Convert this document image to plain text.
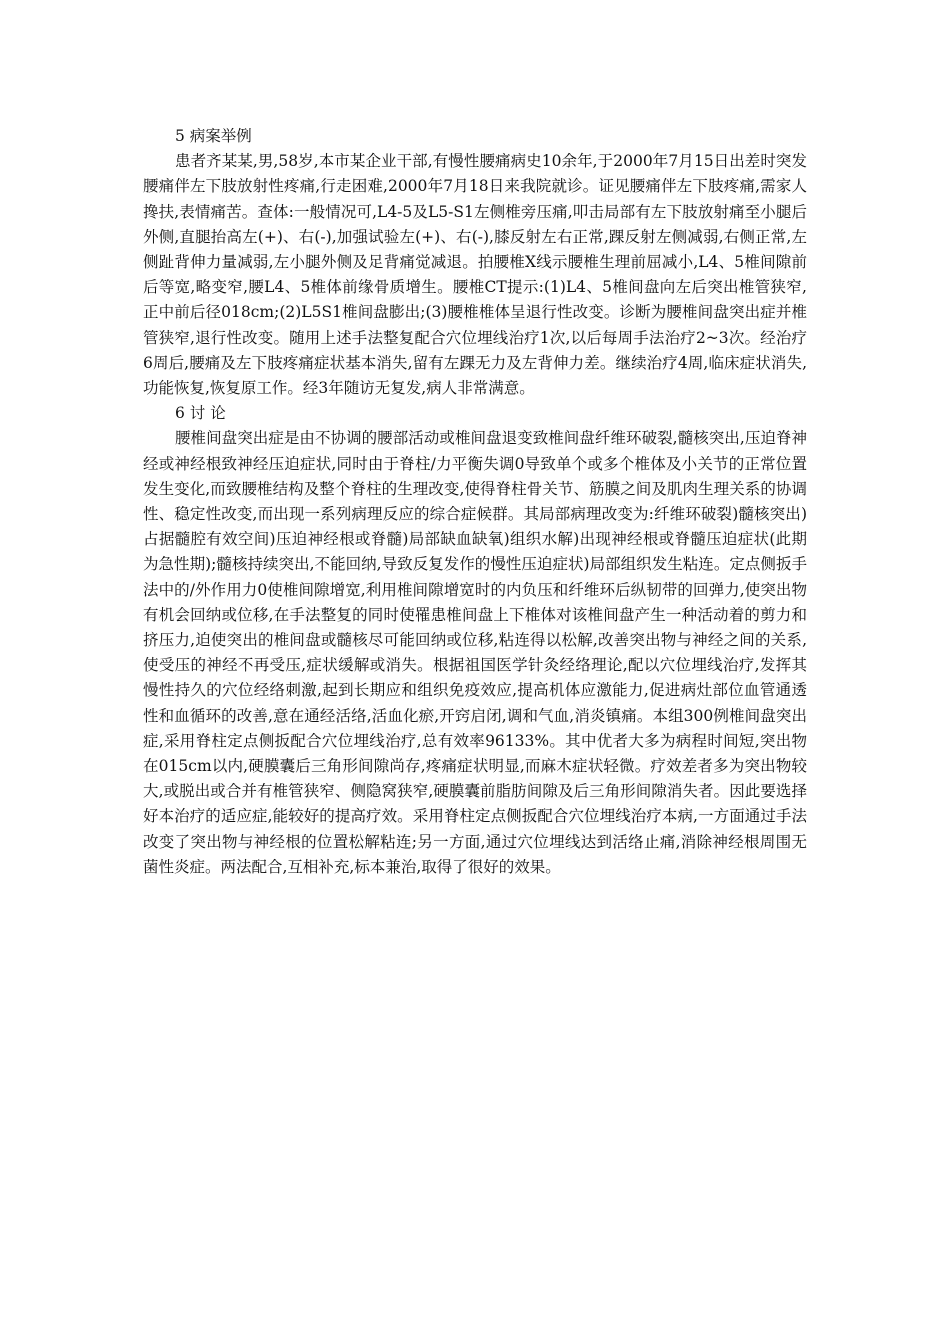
5 病案举例

患者齐某某,男,58岁,本市某企业干部,有慢性腰痛病史10余年,于2000年7月15日出差时突发腰痛伴左下肢放射性疼痛,行走困难,2000年7月18日来我院就诊。证见腰痛伴左下肢疼痛,需家人搀扶,表情痛苦。查体:一般情况可,L4-5及L5-S1左侧椎旁压痛,叩击局部有左下肢放射痛至小腿后外侧,直腿抬高左(+)、右(-),加强试验左(+)、右(-),膝反射左右正常,踝反射左侧减弱,右侧正常,左侧趾背伸力量减弱,左小腿外侧及足背痛觉减退。拍腰椎X线示腰椎生理前屈减小,L4、5椎间隙前后等宽,略变窄,腰L4、5椎体前缘骨质增生。腰椎CT提示:(1)L4、5椎间盘向左后突出椎管狭窄,正中前后径018cm;(2)L5S1椎间盘膨出;(3)腰椎椎体呈退行性改变。诊断为腰椎间盘突出症并椎管狭窄,退行性改变。随用上述手法整复配合穴位埋线治疗1次,以后每周手法治疗2~3次。经治疗6周后,腰痛及左下肢疼痛症状基本消失,留有左踝无力及左背伸力差。继续治疗4周,临床症状消失,功能恢复,恢复原工作。经3年随访无复发,病人非常满意。

6 讨 论

腰椎间盘突出症是由不协调的腰部活动或椎间盘退变致椎间盘纤维环破裂,髓核突出,压迫脊神经或神经根致神经压迫症状,同时由于脊柱/力平衡失调0导致单个或多个椎体及小关节的正常位置发生变化,而致腰椎结构及整个脊柱的生理改变,使得脊柱骨关节、筋膜之间及肌肉生理关系的协调性、稳定性改变,而出现一系列病理反应的综合症候群。其局部病理改变为:纤维环破裂)髓核突出)占据髓腔有效空间)压迫神经根或脊髓)局部缺血缺氧)组织水解)出现神经根或脊髓压迫症状(此期为急性期);髓核持续突出,不能回纳,导致反复发作的慢性压迫症状)局部组织发生粘连。定点侧扳手法中的/外作用力0使椎间隙增宽,利用椎间隙增宽时的内负压和纤维环后纵韧带的回弹力,使突出物有机会回纳或位移,在手法整复的同时使罹患椎间盘上下椎体对该椎间盘产生一种活动着的剪力和挤压力,迫使突出的椎间盘或髓核尽可能回纳或位移,粘连得以松解,改善突出物与神经之间的关系,使受压的神经不再受压,症状缓解或消失。根据祖国医学针灸经络理论,配以穴位埋线治疗,发挥其慢性持久的穴位经络刺激,起到长期应和组织免疫效应,提高机体应激能力,促进病灶部位血管通透性和血循环的改善,意在通经活络,活血化瘀,开窍启闭,调和气血,消炎镇痛。本组300例椎间盘突出症,采用脊柱定点侧扳配合穴位埋线治疗,总有效率96133%。其中优者大多为病程时间短,突出物在015cm以内,硬膜囊后三角形间隙尚存,疼痛症状明显,而麻木症状轻微。疗效差者多为突出物较大,或脱出或合并有椎管狭窄、侧隐窝狭窄,硬膜囊前脂肪间隙及后三角形间隙消失者。因此要选择好本治疗的适应症,能较好的提高疗效。采用脊柱定点侧扳配合穴位埋线治疗本病,一方面通过手法改变了突出物与神经根的位置松解粘连;另一方面,通过穴位埋线达到活络止痛,消除神经根周围无菌性炎症。两法配合,互相补充,标本兼治,取得了很好的效果。
